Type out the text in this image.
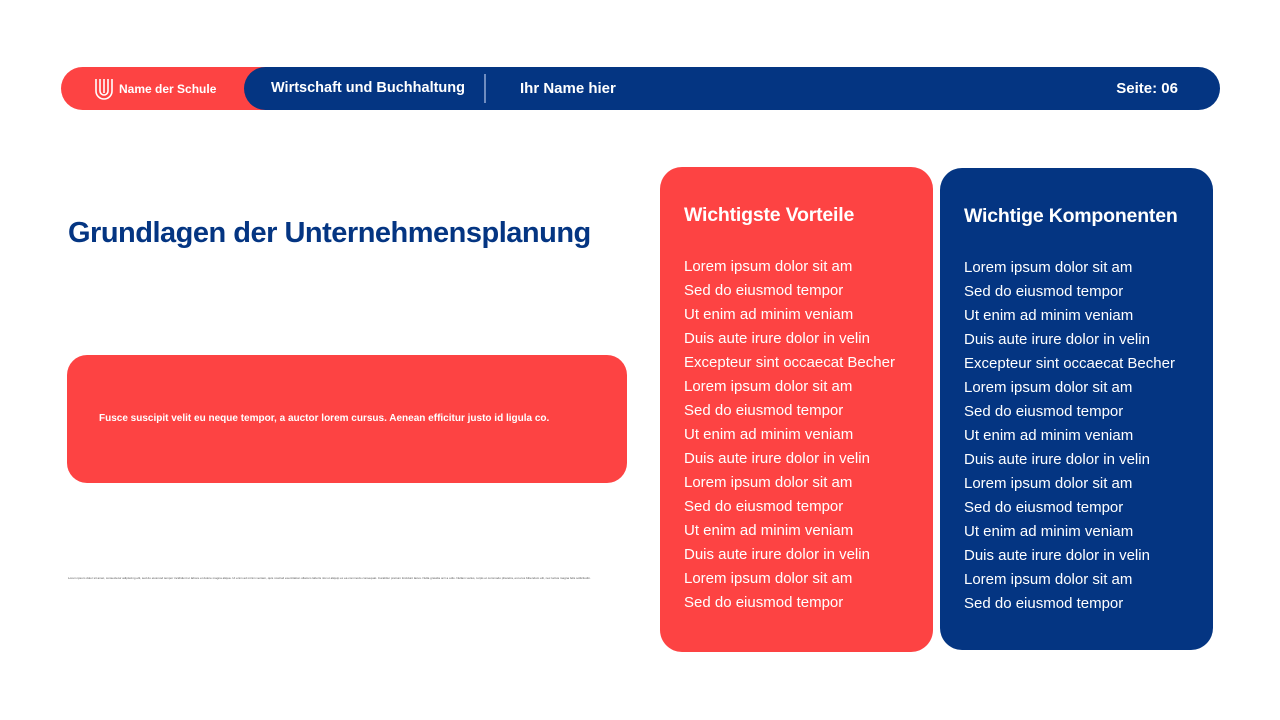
Name der Schule	Wirtschaft und Buchhaltung	Ihr Name hier	Seite: 06
Grundlagen der Unternehmensplanung

Fusce suscipit velit eu neque tempor, a auctor lorem cursus. Aenean efficitur justo id ligula co.

Lorem ipsum dolor sit amet, consectetur adipiscing elit, sed do eiusmod tempor incididunt ut labore et dolore magna aliqua. Ut enim ad minim veniam, quis nostrud exercitation ullamco laboris nisi ut aliquip ex ea commodo consequat. Curabitur pretium tincidunt lacus. Nulla gravida orci a odio. Nullam varius, turpis et commodo pharetra, est eros bibendum elit, nec luctus magna felis sollicitudin.
Wichtigste Vorteile
Lorem ipsum dolor sit am
Sed do eiusmod tempor
Ut enim ad minim veniam
Duis aute irure dolor in velin
Excepteur sint occaecat Becher
Lorem ipsum dolor sit am
Sed do eiusmod tempor
Ut enim ad minim veniam
Duis aute irure dolor in velin
Lorem ipsum dolor sit am
Sed do eiusmod tempor
Ut enim ad minim veniam
Duis aute irure dolor in velin
Lorem ipsum dolor sit am
Sed do eiusmod tempor
Wichtige Komponenten
Lorem ipsum dolor sit am
Sed do eiusmod tempor
Ut enim ad minim veniam
Duis aute irure dolor in velin
Excepteur sint occaecat Becher
Lorem ipsum dolor sit am
Sed do eiusmod tempor
Ut enim ad minim veniam
Duis aute irure dolor in velin
Lorem ipsum dolor sit am
Sed do eiusmod tempor
Ut enim ad minim veniam
Duis aute irure dolor in velin
Lorem ipsum dolor sit am
Sed do eiusmod tempor
